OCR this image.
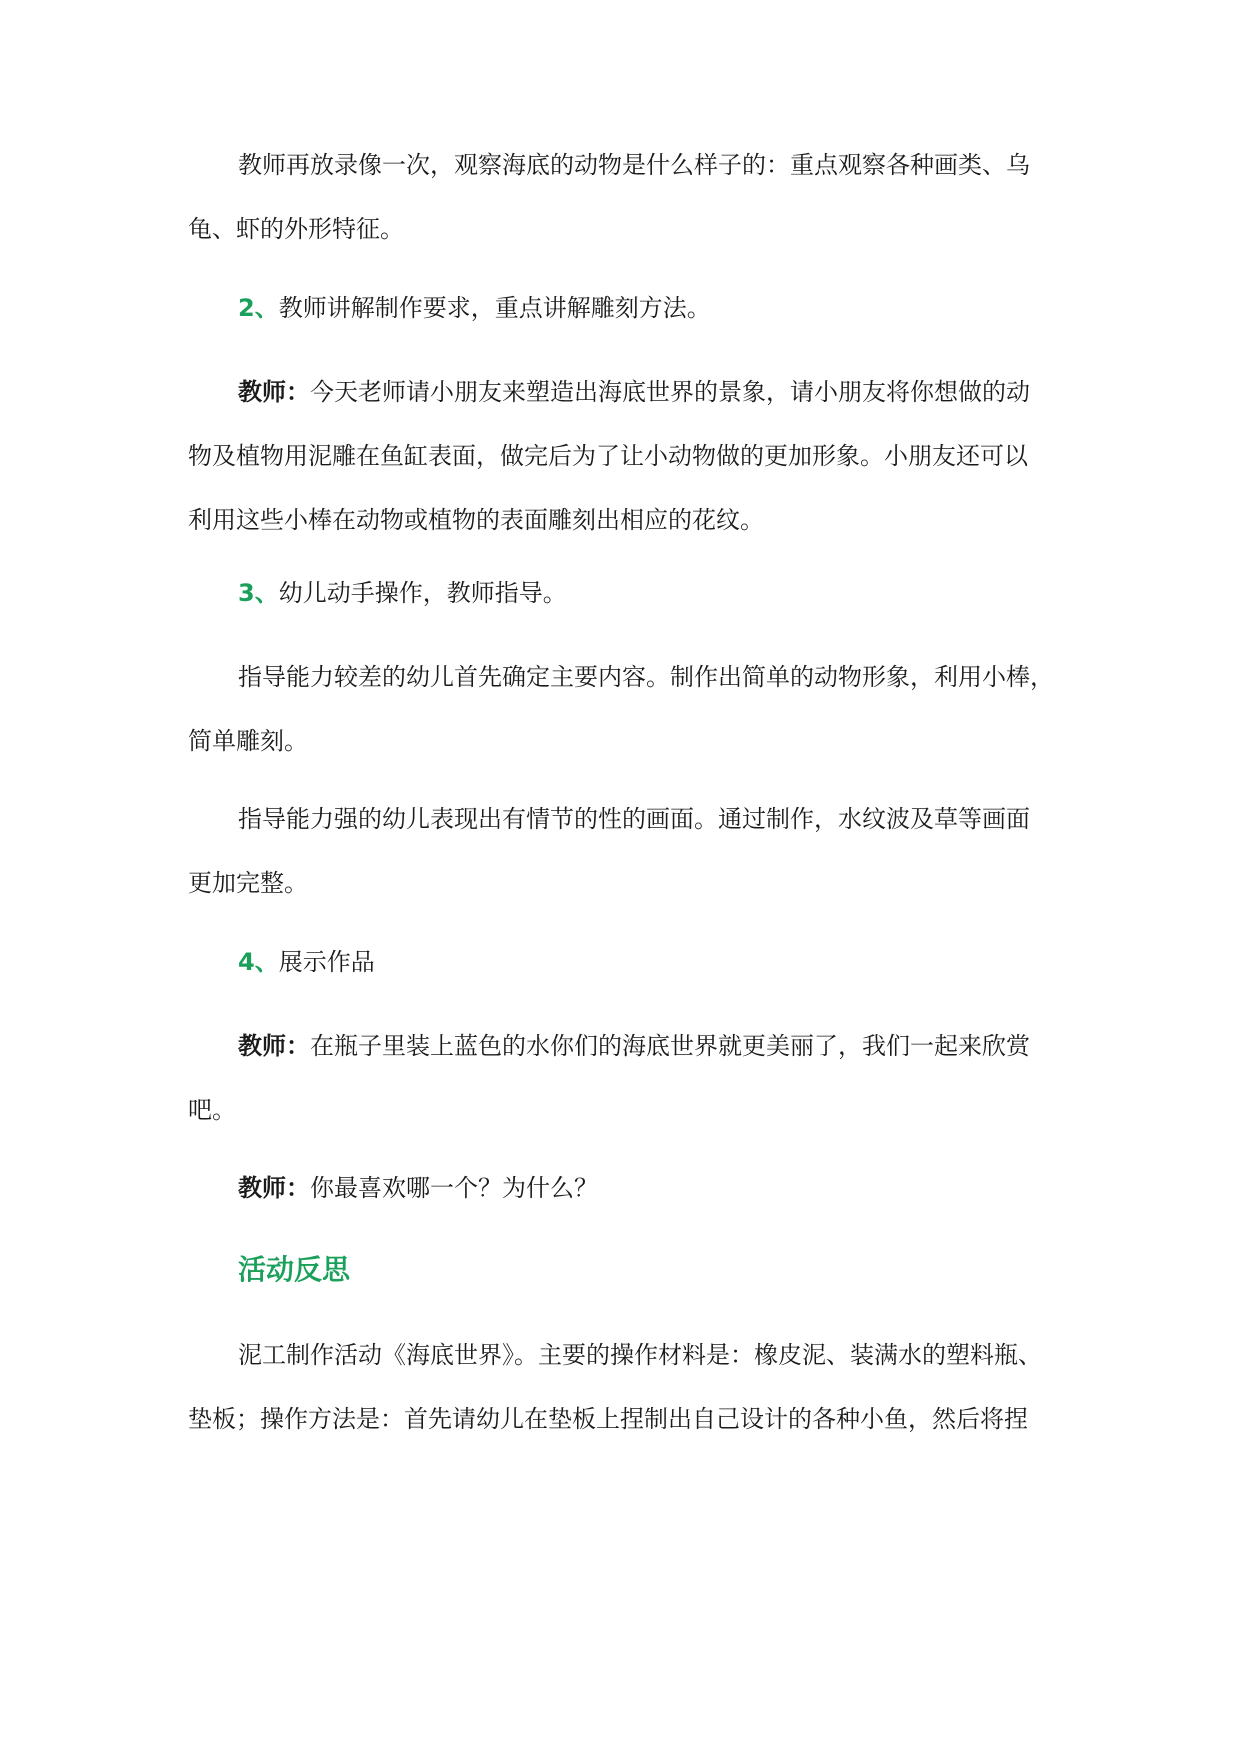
教师再放录像一次，观察海底的动物是什么样子的：重点观察各种画类、乌
龟、虾的外形特征。

2、教师讲解制作要求，重点讲解雕刻方法。

教师：今天老师请小朋友来塑造出海底世界的景象，请小朋友将你想做的动
物及植物用泥雕在鱼缸表面，做完后为了让小动物做的更加形象。小朋友还可以
利用这些小棒在动物或植物的表面雕刻出相应的花纹。

3、幼儿动手操作，教师指导。

指导能力较差的幼儿首先确定主要内容。制作出简单的动物形象，利用小棒，
简单雕刻。

指导能力强的幼儿表现出有情节的性的画面。通过制作，水纹波及草等画面
更加完整。

4、展示作品

教师：在瓶子里装上蓝色的水你们的海底世界就更美丽了，我们一起来欣赏
吧。

教师：你最喜欢哪一个？为什么？

活动反思

泥工制作活动《海底世界》。主要的操作材料是：橡皮泥、装满水的塑料瓶、
垫板；操作方法是：首先请幼儿在垫板上捏制出自己设计的各种小鱼，然后将捏
